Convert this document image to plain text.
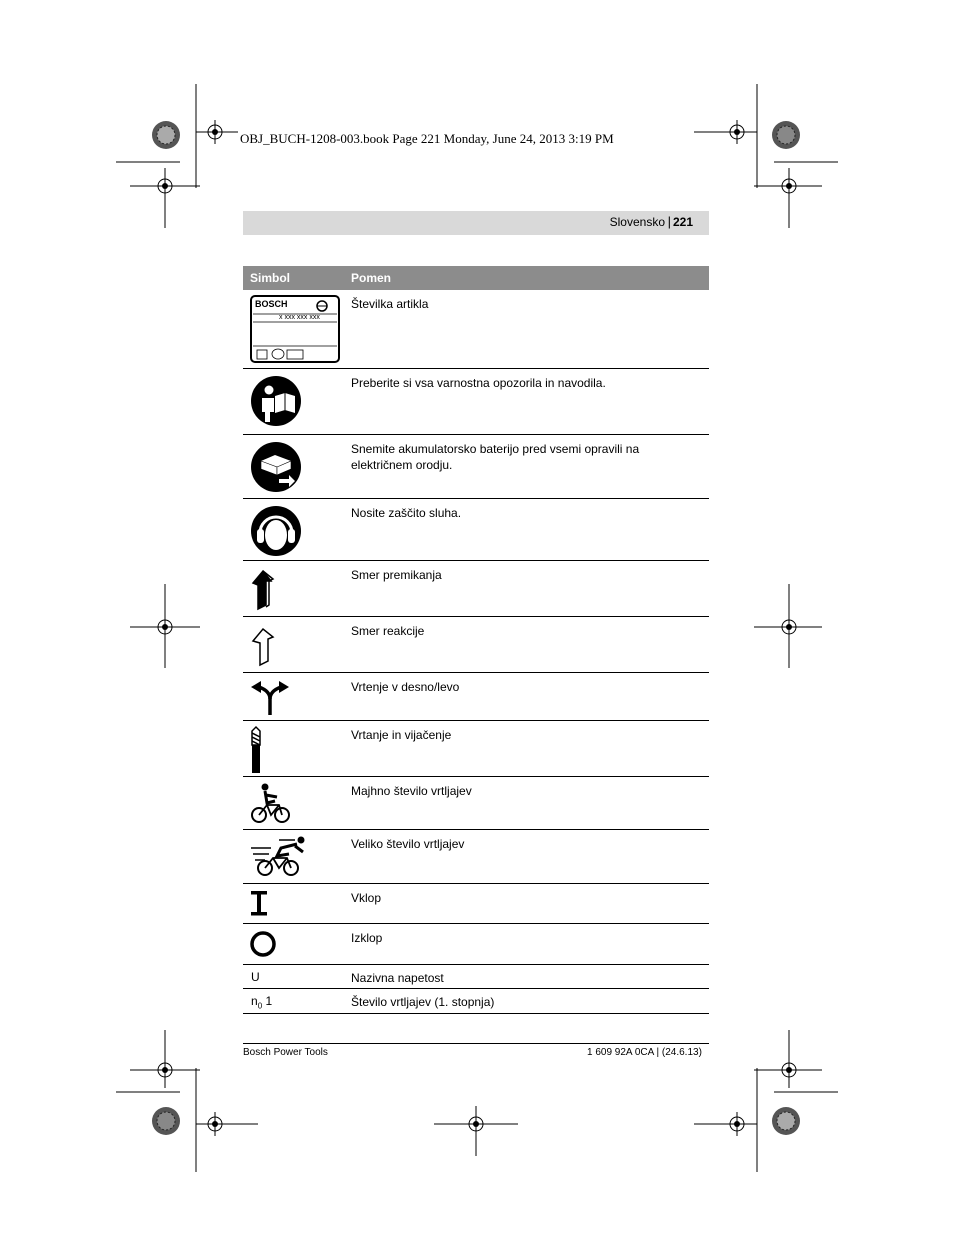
OBJ_BUCH-1208-003.book Page 221 Monday, June 24, 2013 3:19 PM
Slovensko | 221
Simbol	Pomen
BOSCH
x xxx xxx xxx
Številka artikla
Preberite si vsa varnostna opozorila in navodila.
Snemite akumulatorsko baterijo pred vsemi opravili na električnem orodju.
Nosite zaščito sluha.
Smer premikanja
Smer reakcije
Vrtenje v desno/levo
Vrtanje in vijačenje
Majhno število vrtljajev
Veliko število vrtljajev
Vklop
Izklop
U	Nazivna napetost
$n_0$ 1	Število vrtljajev (1. stopnja)
Bosch Power Tools	1 609 92A 0CA | (24.6.13)
